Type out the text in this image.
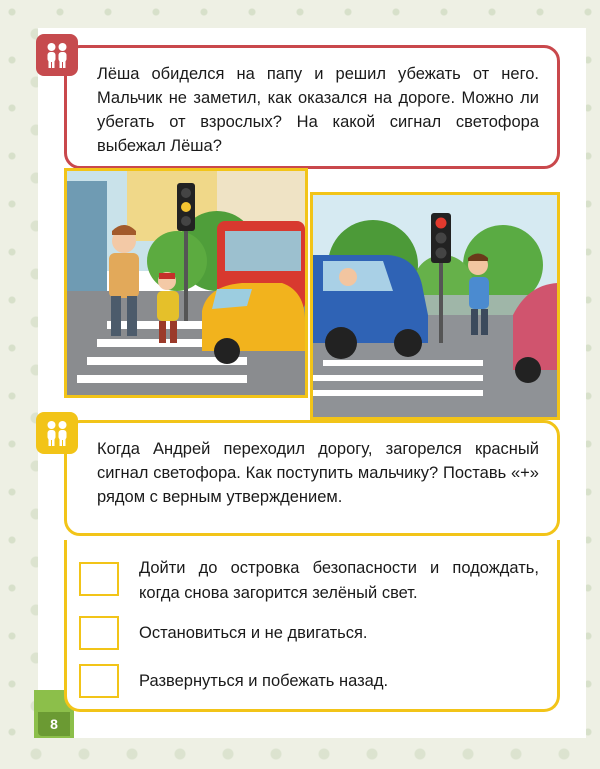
8
Лёша обиделся на папу и решил убежать от него. Мальчик не заметил, как оказался на дороге. Можно ли убегать от взрослых? На какой сигнал светофора выбежал Лёша?
Когда Андрей переходил дорогу, загорелся красный сигнал светофора. Как поступить мальчику? Поставь «+» рядом с верным утверждением.
Дойти до островка безопасности и подождать, когда снова загорится зелёный свет.
Остановиться и не двигаться.
Развернуться и побежать назад.
